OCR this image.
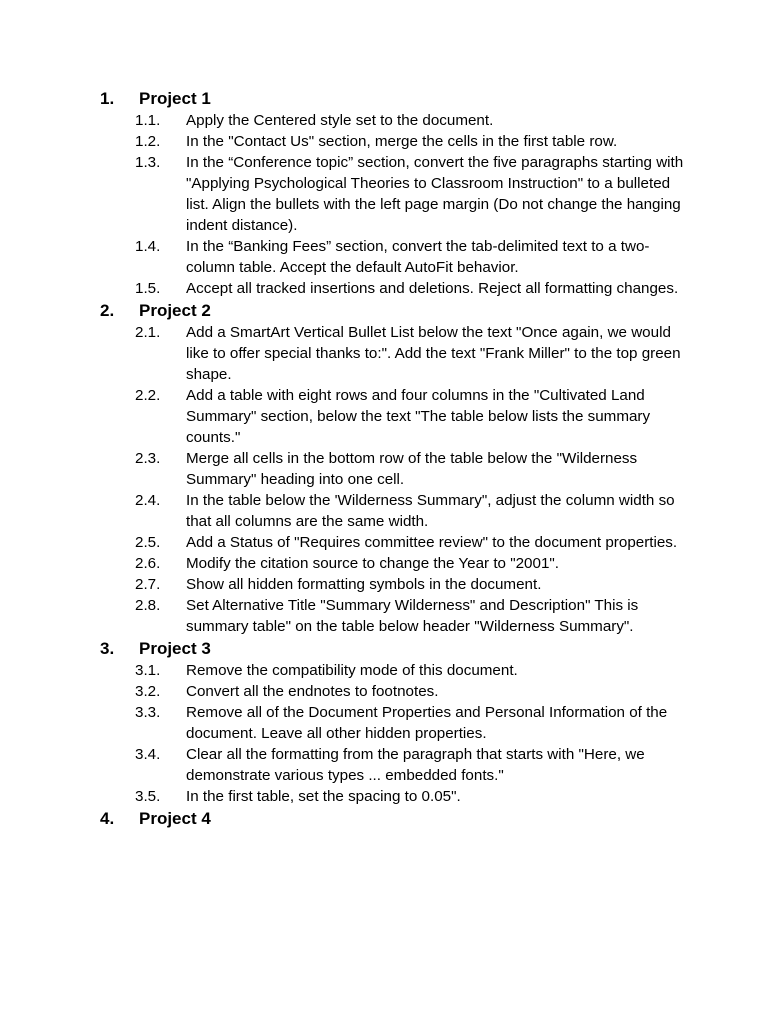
1. Project 1
1.1. Apply the Centered style set to the document.
1.2. In the "Contact Us" section, merge the cells in the first table row.
1.3. In the “Conference topic” section, convert the five paragraphs starting with "Applying Psychological Theories to Classroom Instruction" to a bulleted list. Align the bullets with the left page margin (Do not change the hanging indent distance).
1.4. In the “Banking Fees” section, convert the tab-delimited text to a two-column table. Accept the default AutoFit behavior.
1.5. Accept all tracked insertions and deletions. Reject all formatting changes.
2. Project 2
2.1. Add a SmartArt Vertical Bullet List below the text "Once again, we would like to offer special thanks to:". Add the text "Frank Miller" to the top green shape.
2.2. Add a table with eight rows and four columns in the "Cultivated Land Summary" section, below the text "The table below lists the summary counts."
2.3. Merge all cells in the bottom row of the table below the "Wilderness Summary" heading into one cell.
2.4. In the table below the 'Wilderness Summary", adjust the column width so that all columns are the same width.
2.5. Add a Status of "Requires committee review" to the document properties.
2.6. Modify the citation source to change the Year to "2001".
2.7. Show all hidden formatting symbols in the document.
2.8. Set Alternative Title "Summary Wilderness" and Description" This is summary table" on the table below header "Wilderness Summary".
3. Project 3
3.1. Remove the compatibility mode of this document.
3.2. Convert all the endnotes to footnotes.
3.3. Remove all of the Document Properties and Personal Information of the document. Leave all other hidden properties.
3.4. Clear all the formatting from the paragraph that starts with "Here, we demonstrate various types ... embedded fonts."
3.5. In the first table, set the spacing to 0.05".
4. Project 4
